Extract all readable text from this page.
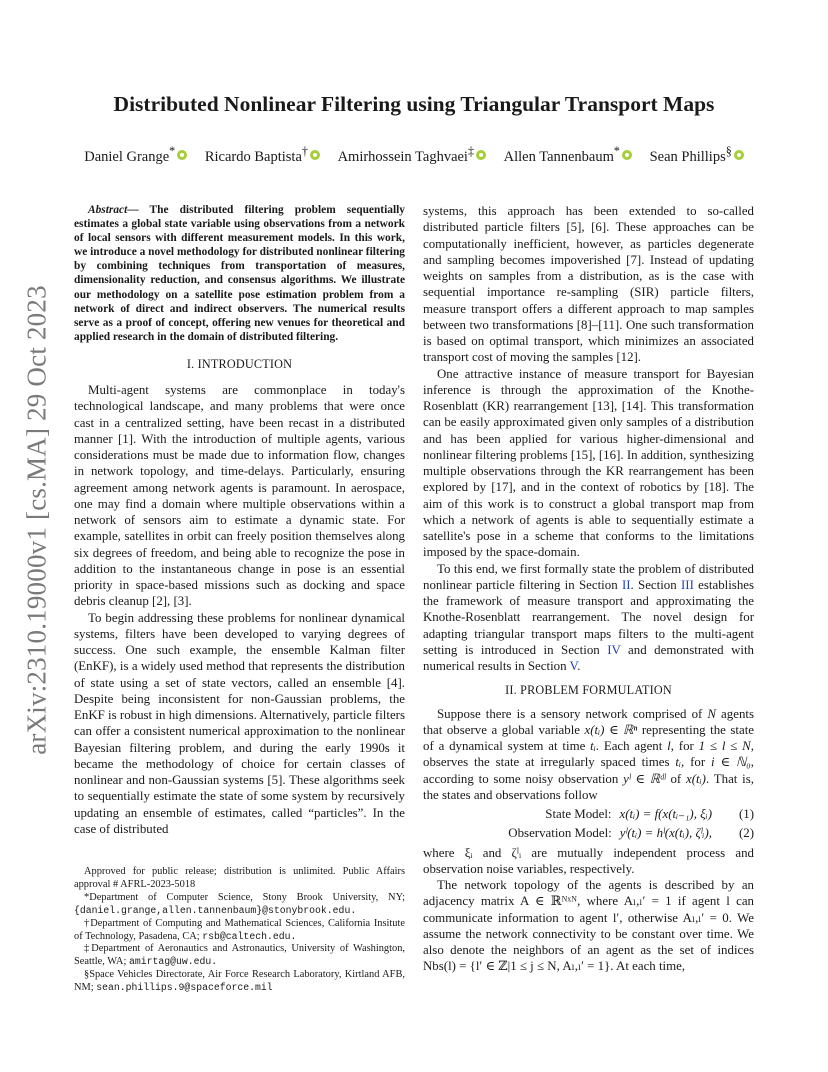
arXiv:2310.19000v1 [cs.MA] 29 Oct 2023
Distributed Nonlinear Filtering using Triangular Transport Maps
Daniel Grange* Ricardo Baptista† Amirhossein Taghvaei‡ Allen Tannenbaum* Sean Phillips§

Abstract— The distributed filtering problem sequentially estimates a global state variable using observations from a network of local sensors with different measurement models. In this work, we introduce a novel methodology for distributed nonlinear filtering by combining techniques from transportation of measures, dimensionality reduction, and consensus algorithms. We illustrate our methodology on a satellite pose estimation problem from a network of direct and indirect observers. The numerical results serve as a proof of concept, offering new venues for theoretical and applied research in the domain of distributed filtering.

I. INTRODUCTION

Multi-agent systems are commonplace in today's technological landscape, and many problems that were once cast in a centralized setting, have been recast in a distributed manner [1]. With the introduction of multiple agents, various considerations must be made due to information flow, changes in network topology, and time-delays. Particularly, ensuring agreement among network agents is paramount. In aerospace, one may find a domain where multiple observations within a network of sensors aim to estimate a dynamic state. For example, satellites in orbit can freely position themselves along six degrees of freedom, and being able to recognize the pose in addition to the instantaneous change in pose is an essential priority in space-based missions such as docking and space debris cleanup [2], [3].

To begin addressing these problems for nonlinear dynamical systems, filters have been developed to varying degrees of success. One such example, the ensemble Kalman filter (EnKF), is a widely used method that represents the distribution of state using a set of state vectors, called an ensemble [4]. Despite being inconsistent for non-Gaussian problems, the EnKF is robust in high dimensions. Alternatively, particle filters can offer a consistent numerical approximation to the nonlinear Bayesian filtering problem, and during the early 1990s it became the methodology of choice for certain classes of nonlinear and non-Gaussian systems [5]. These algorithms seek to sequentially estimate the state of some system by recursively updating an ensemble of estimates, called “particles”. In the case of distributed

systems, this approach has been extended to so-called distributed particle filters [5], [6]. These approaches can be computationally inefficient, however, as particles degenerate and sampling becomes impoverished [7]. Instead of updating weights on samples from a distribution, as is the case with sequential importance re-sampling (SIR) particle filters, measure transport offers a different approach to map samples between two transformations [8]–[11]. One such transformation is based on optimal transport, which minimizes an associated transport cost of moving the samples [12].

One attractive instance of measure transport for Bayesian inference is through the approximation of the Knothe-Rosenblatt (KR) rearrangement [13], [14]. This transformation can be easily approximated given only samples of a distribution and has been applied for various higher-dimensional and nonlinear filtering problems [15], [16]. In addition, synthesizing multiple observations through the KR rearrangement has been explored by [17], and in the context of robotics by [18]. The aim of this work is to construct a global transport map from which a network of agents is able to sequentially estimate a satellite's pose in a scheme that conforms to the limitations imposed by the space-domain.

To this end, we first formally state the problem of distributed nonlinear particle filtering in Section II. Section III establishes the framework of measure transport and approximating the Knothe-Rosenblatt rearrangement. The novel design for adapting triangular transport maps filters to the multi-agent setting is introduced in Section IV and demonstrated with numerical results in Section V.

II. PROBLEM FORMULATION

Suppose there is a sensory network comprised of N agents that observe a global variable x(tᵢ) ∈ ℝⁿ representing the state of a dynamical system at time tᵢ. Each agent l, for 1 ≤ l ≤ N, observes the state at irregularly spaced times tᵢ, for i ∈ ℕ₀, according to some noisy observation yˡ ∈ ℝᵈˡ of x(tᵢ). That is, the states and observations follow

State Model: x(tᵢ) = f(x(tᵢ₋₁), ξᵢ)	(1)
Observation Model: yˡ(tᵢ) = hˡ(x(tᵢ), ζˡᵢ),	(2)

where ξᵢ and ζˡᵢ are mutually independent process and observation noise variables, respectively.

The network topology of the agents is described by an adjacency matrix A ∈ ℝᴺˣᴺ, where Aₗ,ₗ′ = 1 if agent l can communicate information to agent l′, otherwise Aₗ,ₗ′ = 0. We assume the network connectivity to be constant over time. We also denote the neighbors of an agent as the set of indices Nbs(l) = {l′ ∈ ℤ|1 ≤ j ≤ N, Aₗ,ₗ′ = 1}. At each time,

Approved for public release; distribution is unlimited. Public Affairs approval # AFRL-2023-5018

*Department of Computer Science, Stony Brook University, NY; {daniel.grange,allen.tannenbaum}@stonybrook.edu.

†Department of Computing and Mathematical Sciences, California Insitute of Technology, Pasadena, CA; rsb@caltech.edu.

‡Department of Aeronautics and Astronautics, University of Washington, Seattle, WA; amirtag@uw.edu.

§Space Vehicles Directorate, Air Force Research Laboratory, Kirtland AFB, NM; sean.phillips.9@spaceforce.mil
